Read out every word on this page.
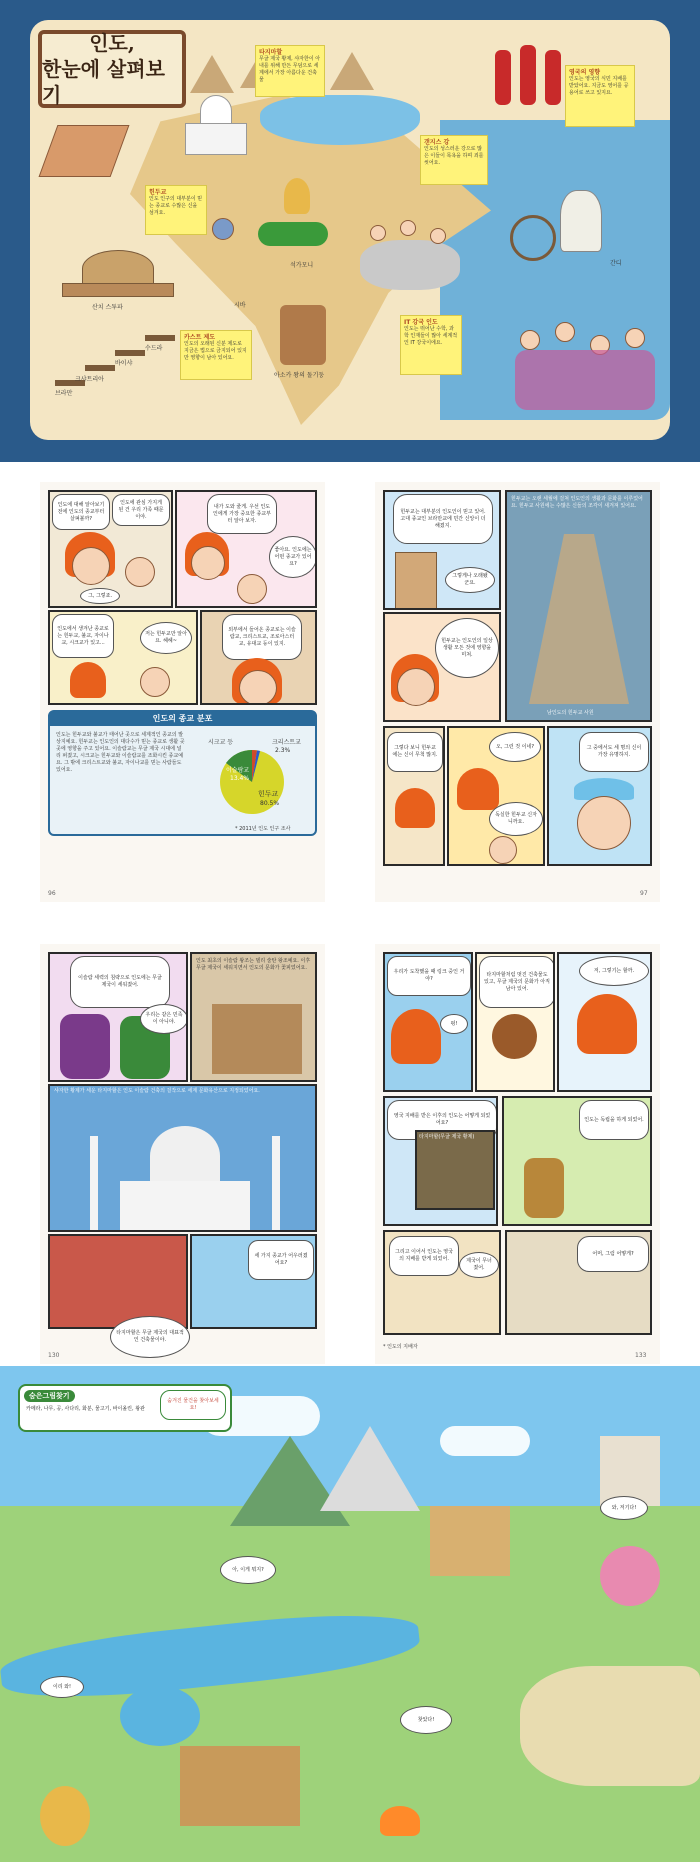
인도,
한눈에 살펴보기
산치 스투파	시바
석가모니
아소카 왕의 돌기둥
간디
브라만
크샤트리아
바이샤
수드라
타지마할
무굴 제국 황제, 샤자한이 아내를 위해 만든 무덤으로 세계에서 가장 아름다운 건축물
영국의 영향
인도는 영국의 식민 지배를 받았어요. 지금도 영어를 공용어로 쓰고 있지요.
갠지스 강
인도의 성스러운 강으로 많은 이들이 목욕을 하며 죄를 씻어요.
힌두교
인도 인구의 대부분이 믿는 종교로 수많은 신을 섬겨요.
카스트 제도
인도의 오래된 신분 제도로 지금은 법으로 금지되어 있지만 영향이 남아 있어요.
IT 강국 인도
인도는 뛰어난 수학, 과학 인재들이 많아 세계적인 IT 강국이에요.
인도에 대해 알아보기 전에 인도의 종교부터 살펴볼까?
인도에 관심 가지게 된 건 우리 가족 때문이야.
그, 그렇죠.
내가 도와 줄게. 우선 인도인에게 가장 중요한 종교부터 알아 보자.
좋아요. 인도에는 어떤 종교가 있어요?
인도에서 생겨난 종교로는 힌두교, 불교, 자이나교, 시크교가 있고...
저는 힌두교만 알아요. 헤헤~
외부에서 들어온 종교로는 이슬람교, 크리스트교, 조로아스터교, 유대교 등이 있지.
인도의 종교 분포
인도는 힌두교와 불교가 태어난 곳으로 세계적인 종교의 발상지예요. 힌두교는 인도인의 대다수가 믿는 종교로 생활 곳곳에 영향을 주고 있어요. 이슬람교는 무굴 제국 시대에 널리 퍼졌고, 시크교는 힌두교와 이슬람교를 조화시킨 종교예요. 그 밖에 크리스트교와 불교, 자이나교를 믿는 사람들도 있어요.
시크교 등	크리스트교
2.3%
이슬람교
13.4%
힌두교
80.5%
* 2011년 인도 인구 조사
96
힌두교는 대부분의 인도인이 믿고 있어. 고대 종교인 브라만교에 민간 신앙이 더해졌지.
그렇게나 오래됐군요.
힌두교는 오랜 세월에 걸쳐 인도인의 생활과 문화를 이루었어요. 힌두교 사원에는 수많은 신들의 조각이 새겨져 있어요.
남인도의 힌두교 사원
힌두교는 인도인의 일상 생활 모든 것에 영향을 미쳐.
그렇다 보니 힌두교에는 신이 무척 많지.
오, 그런 것 이네?
독실한 힌두교 신자니까요.
그 중에서도 세 명의 신이 가장 유명하지.
97
이슬람 세력의 침략으로 인도에는 무굴 제국이 세워졌어.
우리는 같은 민족이 아니야.
인도 최초의 이슬람 왕조는 델리 술탄 왕조예요. 이후 무굴 제국이 세워지면서 인도의 문화가 꽃피었어요.
샤자한 황제가 세운 타지마할은 인도 이슬람 건축의 걸작으로 세계 문화유산으로 지정되었어요.
세 가지 종교가 어우러졌어요?
타지마할은 무굴 제국의 대표적인 건축물이야.
130
우리가 도착했을 때 링크 중인 거야?
펑!
타지마할처럼 멋진 건축물도 있고, 무굴 제국의 문화가 아직 남아 있어.
저, 그렇기는 할까.
영국 지배를 받은 이후의 인도는 어떻게 되었어요?
타지마할(무굴 제국 황제)
인도는 독립을 하게 되었어.
그리고 이어서 인도는 영국의 지배를 받게 되었어.	제국이 무너졌어.
어머, 그럼 어떻게?
* 인도의 지배자
133
숨은그림찾기
카메라, 나무, 공, 사다리, 화분, 물고기, 바이올린, 왕관
숨겨진 물건을 찾아보세요!
아, 이게 뭐지?
와, 저기다!
이리 와!
찾았다!
